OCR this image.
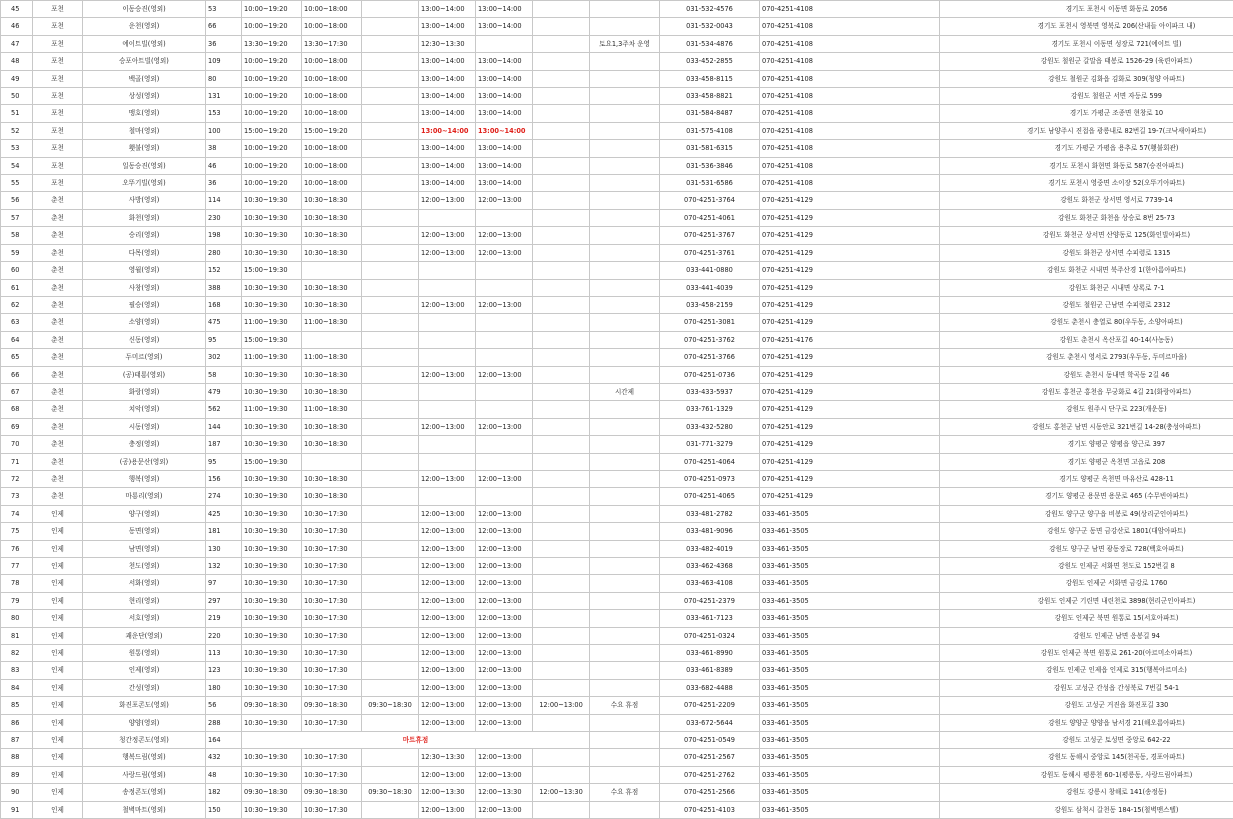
45	포천	이동승진(영외)	53	10:00~19:20	10:00~18:00		13:00~14:00	13:00~14:00			031-532-4576	070-4251-4108	경기도 포천시 이동면 화동로 2056
46	포천	운천(영외)	66	10:00~19:20	10:00~18:00		13:00~14:00	13:00~14:00			031-532-0043	070-4251-4108	경기도 포천시 영북면 영북로 206(산내들 아이파크 내)
47	포천	에이트빌(영외)	36	13:30~19:20	13:30~17:30		12:30~13:30			토요1,3주차 운영	031-534-4876	070-4251-4108	경기도 포천시 이동면 성장로 721(에이트 빌)
48	포천	승포아트빌(영외)	109	10:00~19:20	10:00~18:00		13:00~14:00	13:00~14:00			033-452-2855	070-4251-4108	강원도 철원군 갈말읍 태봉로 1526-29 (육련아파트)
49	포천	백골(영외)	80	10:00~19:20	10:00~18:00		13:00~14:00	13:00~14:00			033-458-8115	070-4251-4108	강원도 철원군 김화읍 김화로 309(청양 아파트)
50	포천	상성(영외)	131	10:00~19:20	10:00~18:00		13:00~14:00	13:00~14:00			033-458-8821	070-4251-4108	강원도 철원군 서면 자등로 599
51	포천	맹호(영외)	153	10:00~19:20	10:00~18:00		13:00~14:00	13:00~14:00			031-584-8487	070-4251-4108	경기도 가평군 조종면 현창로 10
52	포천	철마(영외)	100	15:00~19:20	15:00~19:20		13:00~14:00	13:00~14:00			031-575-4108	070-4251-4108	경기도 남양주시 진접읍 광릉내로 82번길 19-7(크낙새아파트)
53	포천	횃불(영외)	38	10:00~19:20	10:00~18:00		13:00~14:00	13:00~14:00			031-581-6315	070-4251-4108	경기도 가평군 가평읍 용추로 57(횃불회관)
54	포천	일동승진(영외)	46	10:00~19:20	10:00~18:00		13:00~14:00	13:00~14:00			031-536-3846	070-4251-4108	경기도 포천시 화현면 화동로 587(승진아파트)
55	포천	오뚜기빌(영외)	36	10:00~19:20	10:00~18:00		13:00~14:00	13:00~14:00			031-531-6586	070-4251-4108	경기도 포천시 영중면 소이장 52(오뚜기아파트)
56	춘천	사방(영외)	114	10:30~19:30	10:30~18:30		12:00~13:00	12:00~13:00			070-4251-3764	070-4251-4129	강원도 화천군 상서면 영서로 7739-14
57	춘천	화천(영외)	230	10:30~19:30	10:30~18:30						070-4251-4061	070-4251-4129	강원도 화천군 화천읍 상승로 8번 25-73
58	춘천	승리(영외)	198	10:30~19:30	10:30~18:30		12:00~13:00	12:00~13:00			070-4251-3767	070-4251-4129	강원도 화천군 상서면 산양동로 125(화인빌아파트)
59	춘천	다목(영외)	280	10:30~19:30	10:30~18:30		12:00~13:00	12:00~13:00			070-4251-3761	070-4251-4129	강원도 화천군 상서면 수피령로 1315
60	춘천	영월(영외)	152	15:00~19:30							033-441-0880	070-4251-4129	강원도 화천군 시내면 북주산경 1(한아름아파트)
61	춘천	사창(영외)	388	10:30~19:30	10:30~18:30						033-441-4039	070-4251-4129	강원도 화천군 시내면 상록로 7-1
62	춘천	필승(영외)	168	10:30~19:30	10:30~18:30		12:00~13:00	12:00~13:00			033-458-2159	070-4251-4129	강원도 철원군 근남면 수피령로 2312
63	춘천	소양(영외)	475	11:00~19:30	11:00~18:30						070-4251-3081	070-4251-4129	강원도 춘천시 충열로 80(우두동, 소양아파트)
64	춘천	신동(영외)	95	15:00~19:30							070-4251-3762	070-4251-4176	강원도 춘천시 옥산포길 40-14(사농동)
65	춘천	두미르(영외)	302	11:00~19:30	11:00~18:30						070-4251-3766	070-4251-4129	강원도 춘천시 영서로 2793(우두동, 두미르마을)
66	춘천	(공)태룡(영외)	58	10:30~19:30	10:30~18:30		12:00~13:00	12:00~13:00			070-4251-0736	070-4251-4129	강원도 춘천시 동내면 학곡동 2길 46
67	춘천	화랑(영외)	479	10:30~19:30	10:30~18:30					시간제	033-433-5937	070-4251-4129	강원도 홍천군 홍천읍 무궁화로 4길 21(화랑아파트)
68	춘천	치악(영외)	562	11:00~19:30	11:00~18:30						033-761-1329	070-4251-4129	강원도 원주시 단구로 223(개운동)
69	춘천	시동(영외)	144	10:30~19:30	10:30~18:30		12:00~13:00	12:00~13:00			033-432-5280	070-4251-4129	강원도 홍천군 남면 시동안로 321번길 14-28(충성아파트)
70	춘천	충정(영외)	187	10:30~19:30	10:30~18:30						031-771-3279	070-4251-4129	경기도 양평군 양평읍 양근로 397
71	춘천	(공)용문산(영외)	95	15:00~19:30							070-4251-4064	070-4251-4129	경기도 양평군 옥천면 고읍로 208
72	춘천	행복(영외)	156	10:30~19:30	10:30~18:30		12:00~13:00	12:00~13:00			070-4251-0973	070-4251-4129	경기도 양평군 옥천면 마유산로 428-11
73	춘천	마룡리(영외)	274	10:30~19:30	10:30~18:30						070-4251-4065	070-4251-4129	경기도 양평군 용문면 용문로 465 (수무빈아파트)
74	인제	양구(영외)	425	10:30~19:30	10:30~17:30		12:00~13:00	12:00~13:00			033-481-2782	033-461-3505	강원도 양구군 양구읍 비봉로 49(상리군인아파트)
75	인제	동면(영외)	181	10:30~19:30	10:30~17:30		12:00~13:00	12:00~13:00			033-481-9096	033-461-3505	강원도 양구군 동면 금강산로 1801(대암아파트)
76	인제	남면(영외)	130	10:30~19:30	10:30~17:30		12:00~13:00	12:00~13:00			033-482-4019	033-461-3505	강원도 양구군 남면 광동장로 728(백호아파트)
77	인제	천도(영외)	132	10:30~19:30	10:30~17:30		12:00~13:00	12:00~13:00			033-462-4368	033-461-3505	강원도 인제군 서화면 천도로 152번길 8
78	인제	서화(영외)	97	10:30~19:30	10:30~17:30		12:00~13:00	12:00~13:00			033-463-4108	033-461-3505	강원도 인제군 서화면 금강로 1760
79	인제	현리(영외)	297	10:30~19:30	10:30~17:30		12:00~13:00	12:00~13:00			070-4251-2379	033-461-3505	강원도 인제군 기린면 내린천로 3898(현리군인아파트)
80	인제	서호(영외)	219	10:30~19:30	10:30~17:30		12:00~13:00	12:00~13:00			033-461-7123	033-461-3505	강원도 인제군 북면 원통로 15(서호아파트)
81	인제	괘운단(영외)	220	10:30~19:30	10:30~17:30		12:00~13:00	12:00~13:00			070-4251-0324	033-461-3505	강원도 인제군 남면 응봉길 94
82	인제	원통(영외)	113	10:30~19:30	10:30~17:30		12:00~13:00	12:00~13:00			033-461-8990	033-461-3505	강원도 인제군 북면 원통로 261-20(아르미소아파트)
83	인제	인제(영외)	123	10:30~19:30	10:30~17:30		12:00~13:00	12:00~13:00			033-461-8389	033-461-3505	강원도 인제군 인제읍 인제로 315(행복아르미소)
84	인제	간성(영외)	180	10:30~19:30	10:30~17:30		12:00~13:00	12:00~13:00			033-682-4488	033-461-3505	강원도 고성군 간성읍 간성북로 7번길 54-1
85	인제	화진포콘도(영외)	56	09:30~18:30	09:30~18:30	09:30~18:30	12:00~13:00	12:00~13:00	12:00~13:00	수요 휴점	070-4251-2209	033-461-3505	강원도 고성군 거진읍 화진포길 330
86	인제	양양(영외)	288	10:30~19:30	10:30~17:30		12:00~13:00	12:00~13:00			033-672-5644	033-461-3505	강원도 양양군 양양읍 남서경 21(해오름아파트)
87	인제	청간정콘도(영외)	164	마트휴점							070-4251-0549	033-461-3505	강원도 고성군 토성면 중앙로 642-22
88	인제	행복드림(영외)	432	10:30~19:30	10:30~17:30		12:30~13:30	12:00~13:00			070-4251-2567	033-461-3505	강원도 동해시 중앙로 145(천곡동, 경포아파트)
89	인제	사랑드림(영외)	48	10:30~19:30	10:30~17:30		12:00~13:00	12:00~13:00			070-4251-2762	033-461-3505	강원도 동해시 평릉천 60-1(평릉동, 사랑드림아파트)
90	인제	송정콘도(영외)	182	09:30~18:30	09:30~18:30	09:30~18:30	12:00~13:30	12:00~13:30	12:00~13:30	수요 휴점	070-4251-2566	033-461-3505	강원도 강릉시 창해로 141(송정동)
91	인제	철벽마트(영외)	150	10:30~19:30	10:30~17:30		12:00~13:00	12:00~13:00			070-4251-4103	033-461-3505	강원도 삼척시 갈천동 184-15(철벽맨스텔)
